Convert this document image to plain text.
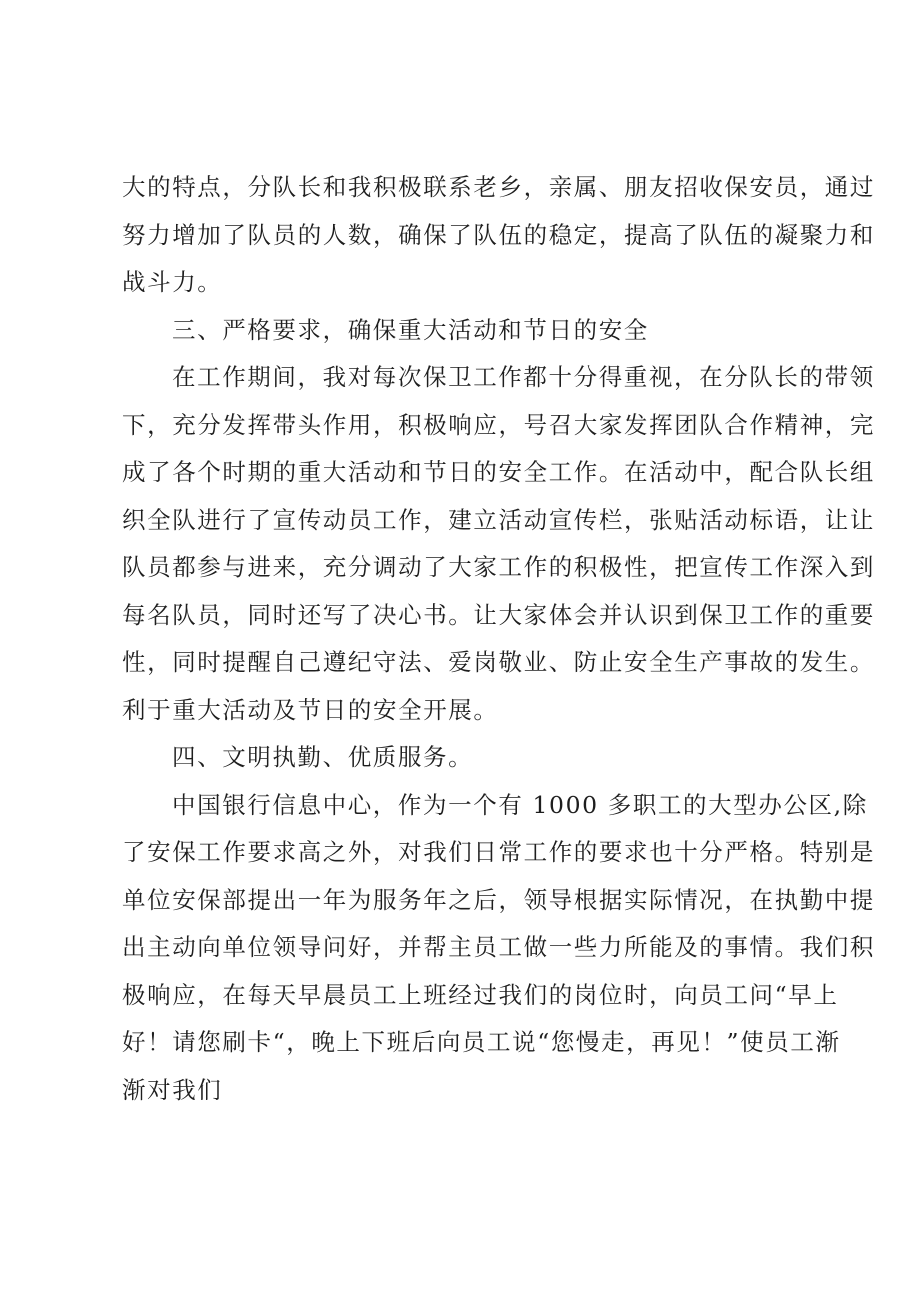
大的特点，分队长和我积极联系老乡，亲属、朋友招收保安员，通过
努力增加了队员的人数，确保了队伍的稳定，提高了队伍的凝聚力和
战斗力。
三、严格要求，确保重大活动和节日的安全
在工作期间，我对每次保卫工作都十分得重视，在分队长的带领
下，充分发挥带头作用，积极响应，号召大家发挥团队合作精神，完
成了各个时期的重大活动和节日的安全工作。在活动中，配合队长组
织全队进行了宣传动员工作，建立活动宣传栏，张贴活动标语，让让
队员都参与进来，充分调动了大家工作的积极性，把宣传工作深入到
每名队员，同时还写了决心书。让大家体会并认识到保卫工作的重要
性，同时提醒自己遵纪守法、爱岗敬业、防止安全生产事故的发生。
利于重大活动及节日的安全开展。
四、文明执勤、优质服务。
中国银行信息中心，作为一个有 1000 多职工的大型办公区,除
了安保工作要求高之外，对我们日常工作的要求也十分严格。特别是
单位安保部提出一年为服务年之后，领导根据实际情况，在执勤中提
出主动向单位领导问好，并帮主员工做一些力所能及的事情。我们积
极响应，在每天早晨员工上班经过我们的岗位时，向员工问“早上
好！请您刷卡“，晚上下班后向员工说“您慢走，再见！”使员工渐
渐对我们
